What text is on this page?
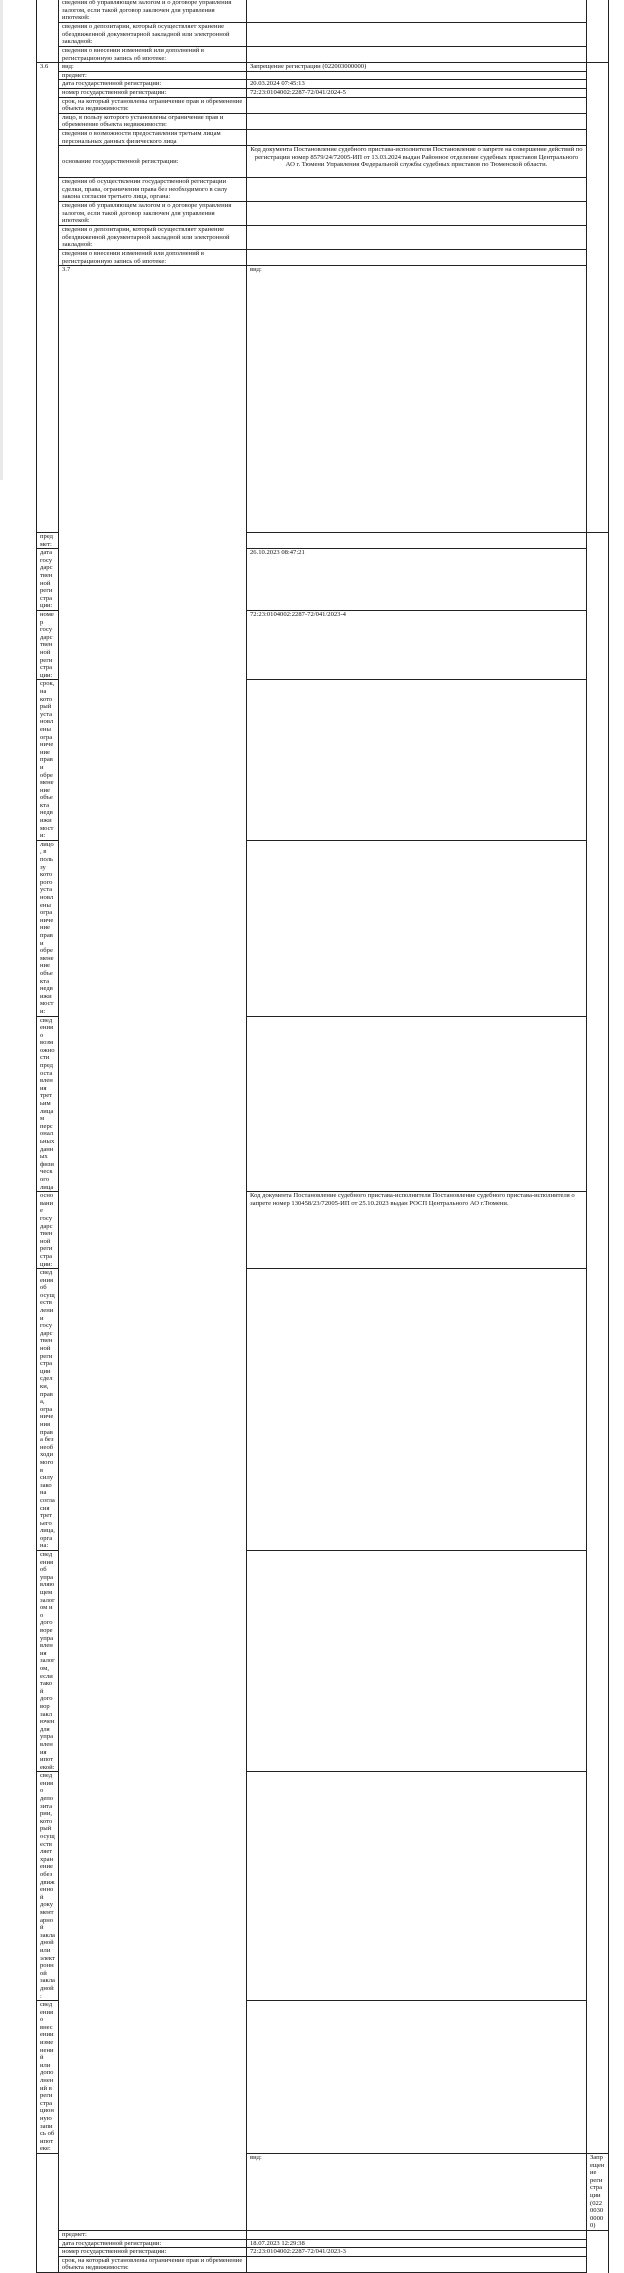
	сведения об управляющем залогом и о договоре управления залогом, если такой договор заключен для управления ипотекой:			
	сведения о депозитарии, который осуществляет хранение обездвиженной документарной закладной или электронной закладной:			
	сведения о внесении изменений или дополнений в регистрационную запись об ипотеке:			
3.6	вид:	Запрещение регистрации (022003000000)		
	предмет:			
	дата государственной регистрации:	20.03.2024 07:45:13		
	номер государственной регистрации:	72:23:0104002:2287-72/041/2024-5		
	срок, на который установлены ограничение прав и обременение объекта недвижимости:			
	лицо, в пользу которого установлены ограничение прав и обременение объекта недвижимости:			
	сведения о возможности предоставления третьим лицам персональных данных физического лица			
	основание государственной регистрации:	Код документа Постановление судебного пристава-исполнителя Постановление о запрете на совершение действий по регистрации номер 8579/24/72005-ИП от 13.03.2024 выдан Районное отделение судебных приставов Центрального АО г. Тюмени Управления Федеральной службы судебных приставов по Тюменской области.		
	сведения об осуществлении государственной регистрации сделки, права, ограничения права без необходимого в силу закона согласия третьего лица, органа:			
	сведения об управляющем залогом и о договоре управления залогом, если такой договор заключен для управления ипотекой:			
	сведения о депозитарии, который осуществляет хранение обездвиженной документарной закладной или электронной закладной:			
	сведения о внесении изменений или дополнений в регистрационную запись об ипотеке:			
	3.7	вид:		
предмет:				
дата государственной регистрации:		26.10.2023 08:47:21		
номер государственной регистрации:		72:23:0104002:2287-72/041/2023-4		
срок, на который установлены ограничение прав и обременение объекта недвижимости:				
лицо, в пользу которого установлены ограничение прав и обременение объекта недвижимости:				
сведения о возможности предоставления третьим лицам персональных данных физического лица				
основание государственной регистрации:		Код документа Постановление судебного пристава-исполнителя Постановление судебного пристава-исполнителя о запрете номер 130458/23/72005-ИП от 25.10.2023 выдан РОСП Центрального АО г.Тюмени.		
сведения об осуществлении государственной регистрации сделки, права, ограничения права без необходимого в силу закона согласия третьего лица, органа:				
сведения об управляющем залогом и о договоре управления залогом, если такой договор заключен для управления ипотекой:				
сведения о депозитарии, который осуществляет хранение обездвиженной документарной закладной или электронной закладной:				
сведения о внесении изменений или дополнений в регистрационную запись об ипотеке:				
		вид:	Запрещение регистрации (022003000000)	
	предмет:			
	дата государственной регистрации:	18.07.2023 12:29:38		
	номер государственной регистрации:	72:23:0104002:2287-72/041/2023-3		
	срок, на который установлены ограничение прав и обременение объекта недвижимости:			
